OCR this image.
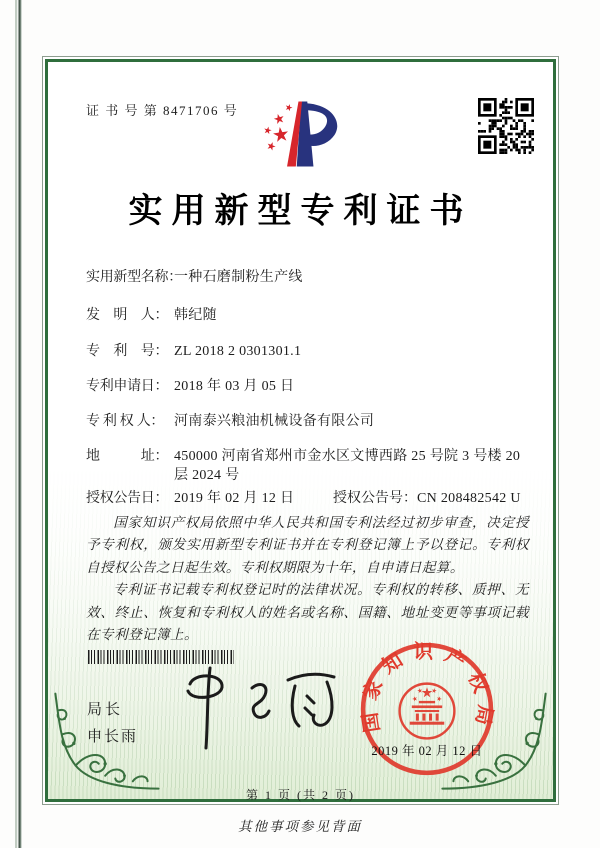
证 书 号 第 8471706 号
实用新型专利证书
实用新型名称：一种石磨制粉生产线
发　明　人： 韩纪随
专　利　号： ZL 2018 2 0301301.1
专利申请日： 2018 年 03 月 05 日
专 利 权 人： 河南泰兴粮油机械设备有限公司
地　　　址： 450000 河南省郑州市金水区文博西路 25 号院 3 号楼 20 层 2024 号
授权公告日： 2019 年 02 月 12 日	授权公告号：CN 208482542 U

国家知识产权局依照中华人民共和国专利法经过初步审查，决定授予专利权，颁发实用新型专利证书并在专利登记簿上予以登记。专利权自授权公告之日起生效。专利权期限为十年，自申请日起算。

专利证书记载专利权登记时的法律状况。专利权的转移、质押、无效、终止、恢复和专利权人的姓名或名称、国籍、地址变更等事项记载在专利登记簿上。

局长
申长雨
国家知识产权局
2019 年 02 月 12 日
第 1 页 (共 2 页)
其他事项参见背面
